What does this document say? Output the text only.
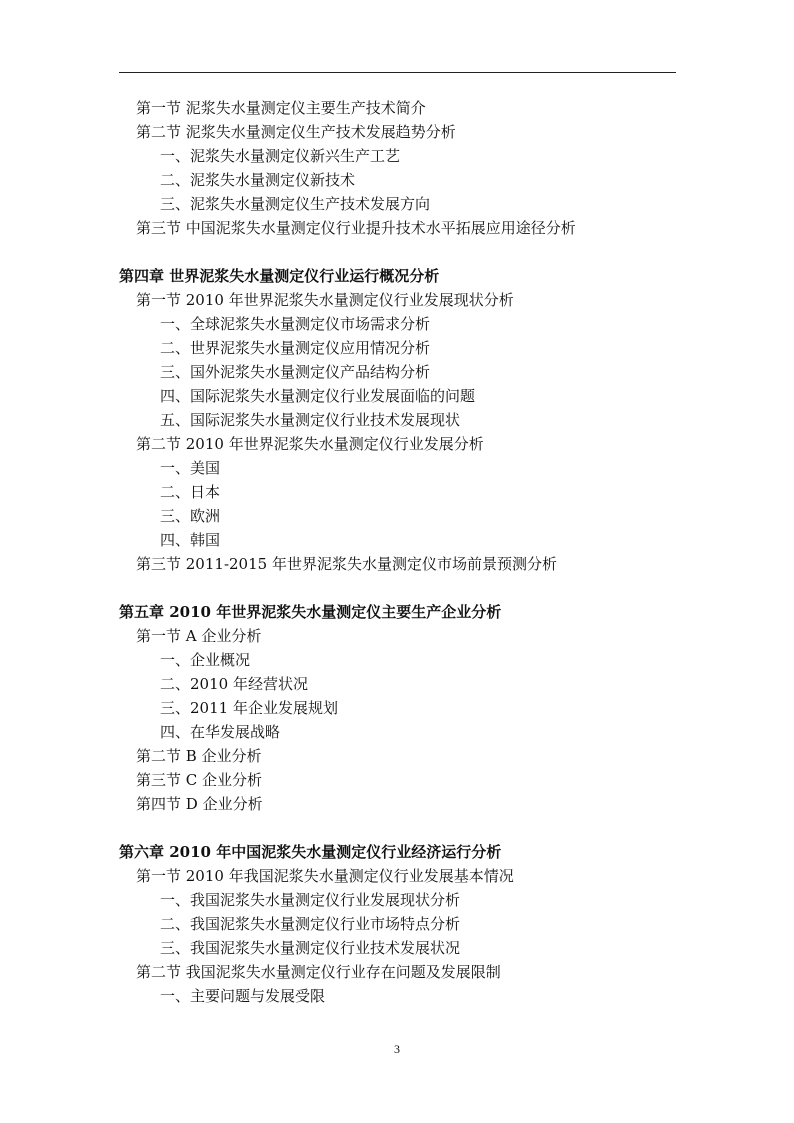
第一节 泥浆失水量测定仪主要生产技术简介
第二节 泥浆失水量测定仪生产技术发展趋势分析
一、泥浆失水量测定仪新兴生产工艺
二、泥浆失水量测定仪新技术
三、泥浆失水量测定仪生产技术发展方向
第三节 中国泥浆失水量测定仪行业提升技术水平拓展应用途径分析
第四章 世界泥浆失水量测定仪行业运行概况分析
第一节 2010 年世界泥浆失水量测定仪行业发展现状分析
一、全球泥浆失水量测定仪市场需求分析
二、世界泥浆失水量测定仪应用情况分析
三、国外泥浆失水量测定仪产品结构分析
四、国际泥浆失水量测定仪行业发展面临的问题
五、国际泥浆失水量测定仪行业技术发展现状
第二节 2010 年世界泥浆失水量测定仪行业发展分析
一、美国
二、日本
三、欧洲
四、韩国
第三节 2011-2015 年世界泥浆失水量测定仪市场前景预测分析
第五章 2010 年世界泥浆失水量测定仪主要生产企业分析
第一节 A 企业分析
一、企业概况
二、2010 年经营状况
三、2011 年企业发展规划
四、在华发展战略
第二节 B 企业分析
第三节 C 企业分析
第四节 D 企业分析
第六章 2010 年中国泥浆失水量测定仪行业经济运行分析
第一节 2010 年我国泥浆失水量测定仪行业发展基本情况
一、我国泥浆失水量测定仪行业发展现状分析
二、我国泥浆失水量测定仪行业市场特点分析
三、我国泥浆失水量测定仪行业技术发展状况
第二节 我国泥浆失水量测定仪行业存在问题及发展限制
一、主要问题与发展受限
3
